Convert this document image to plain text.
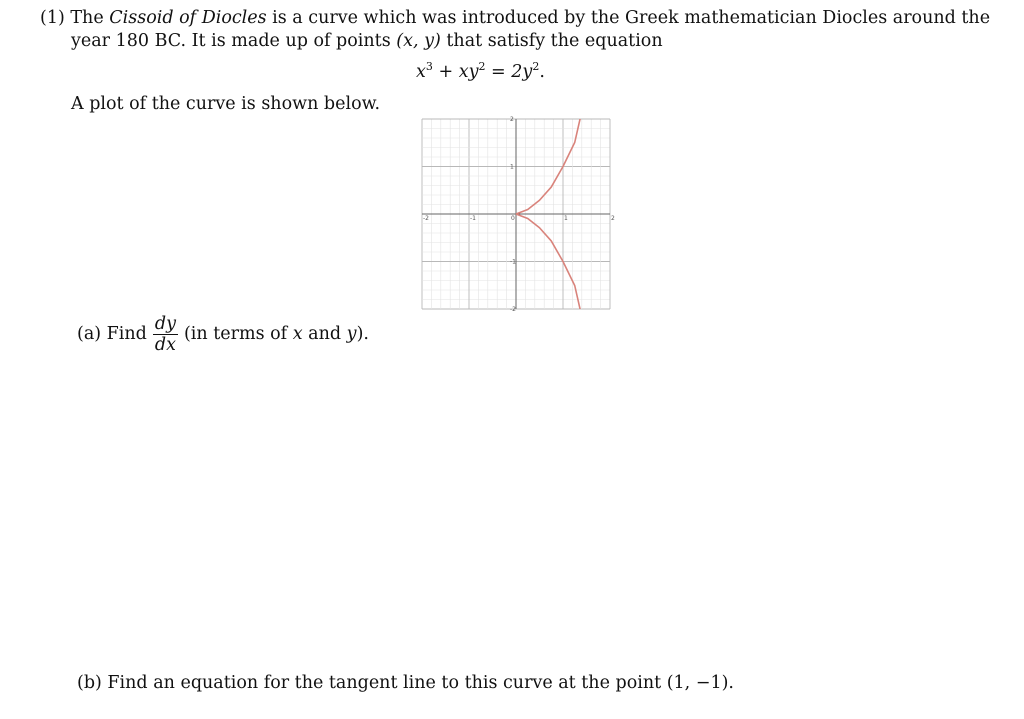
(1) The Cissoid of Diocles is a curve which was introduced by the Greek mathematician Diocles around the
year 180 BC. It is made up of points (x, y) that satisfy the equation
$x^3 + xy^2 = 2y^2$.
A plot of the curve is shown below.
-2	-1	0	1	2
2
1
-1
-2
(a) Find $\frac{dy}{dx} (in$ terms of x and y).
(b) Find an equation for the tangent line to this curve at the point (1, −1).
